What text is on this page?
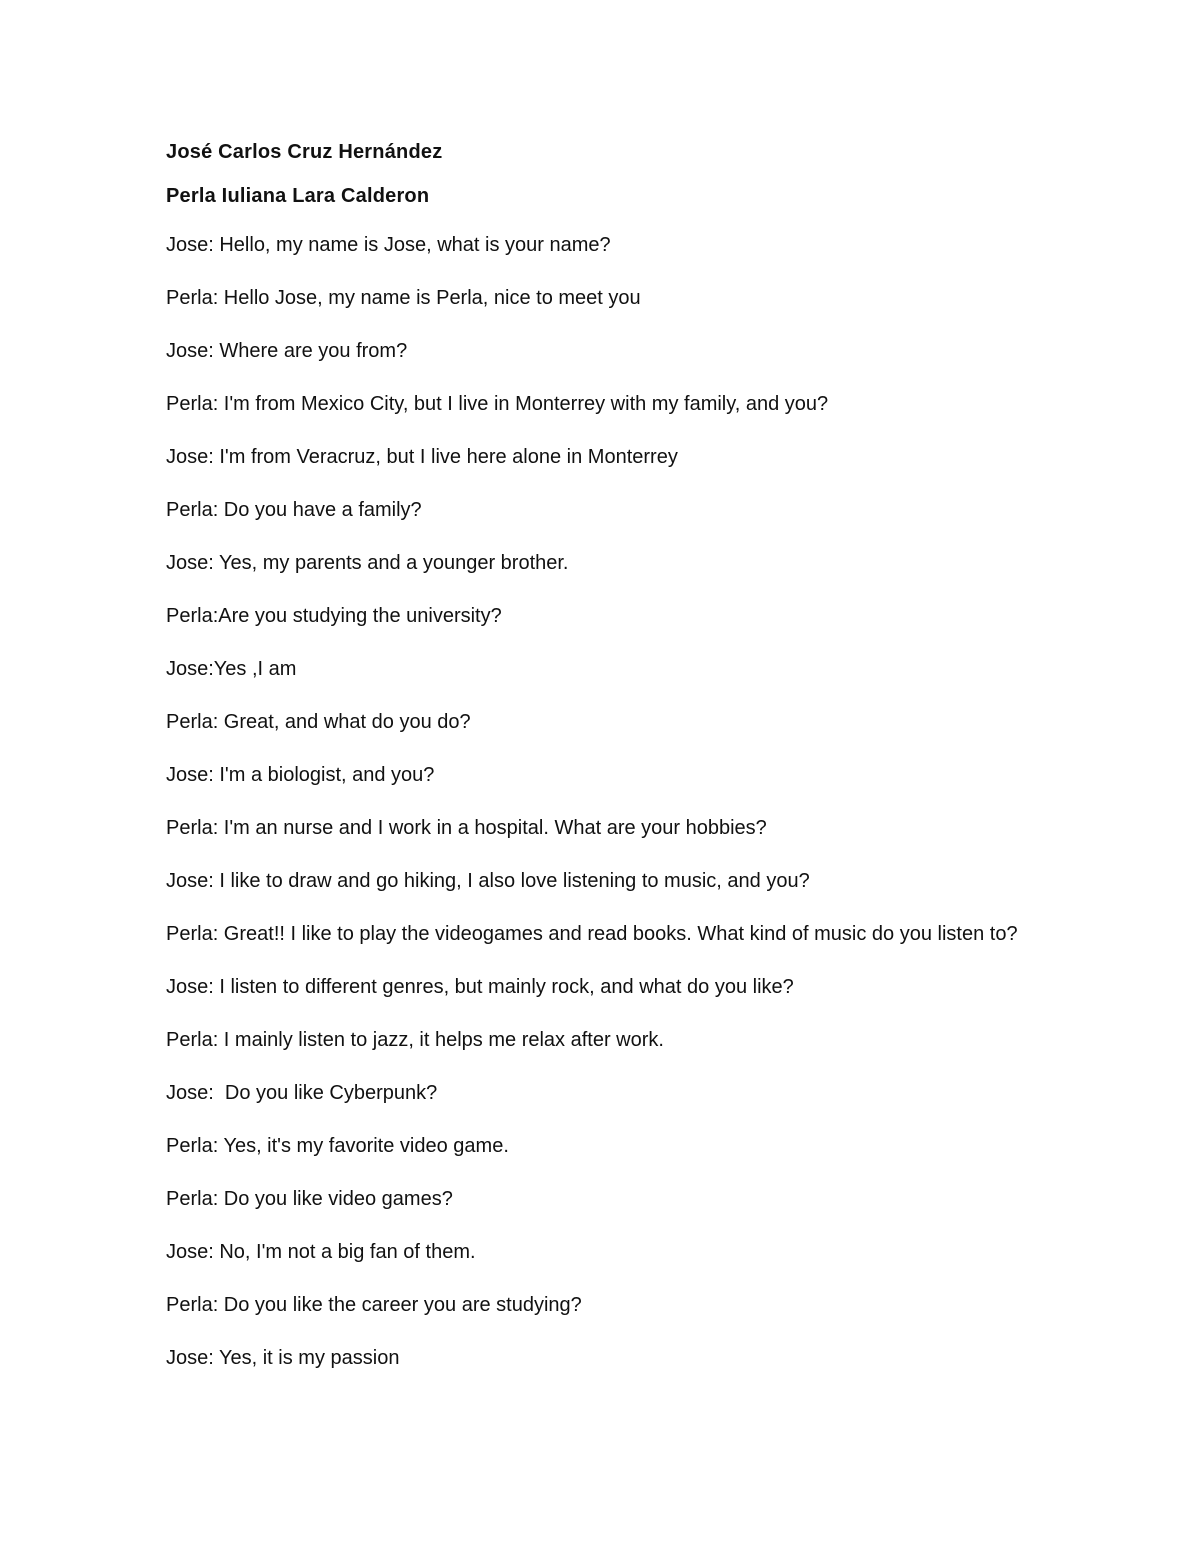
José Carlos Cruz Hernández

Perla Iuliana Lara Calderon

Jose: Hello, my name is Jose, what is your name?

Perla: Hello Jose, my name is Perla, nice to meet you

Jose: Where are you from?

Perla: I'm from Mexico City, but I live in Monterrey with my family, and you?

Jose: I'm from Veracruz, but I live here alone in Monterrey

Perla: Do you have a family?

Jose: Yes, my parents and a younger brother.

Perla:Are you studying the university?

Jose:Yes ,I am

Perla: Great, and what do you do?

Jose: I'm a biologist, and you?

Perla: I'm an nurse and I work in a hospital. What are your hobbies?

Jose: I like to draw and go hiking, I also love listening to music, and you?

Perla: Great!! I like to play the videogames and read books. What kind of music do you listen to?

Jose: I listen to different genres, but mainly rock, and what do you like?

Perla: I mainly listen to jazz, it helps me relax after work.

Jose:  Do you like Cyberpunk?

Perla: Yes, it's my favorite video game.

Perla: Do you like video games?

Jose: No, I'm not a big fan of them.

Perla: Do you like the career you are studying?

Jose: Yes, it is my passion
